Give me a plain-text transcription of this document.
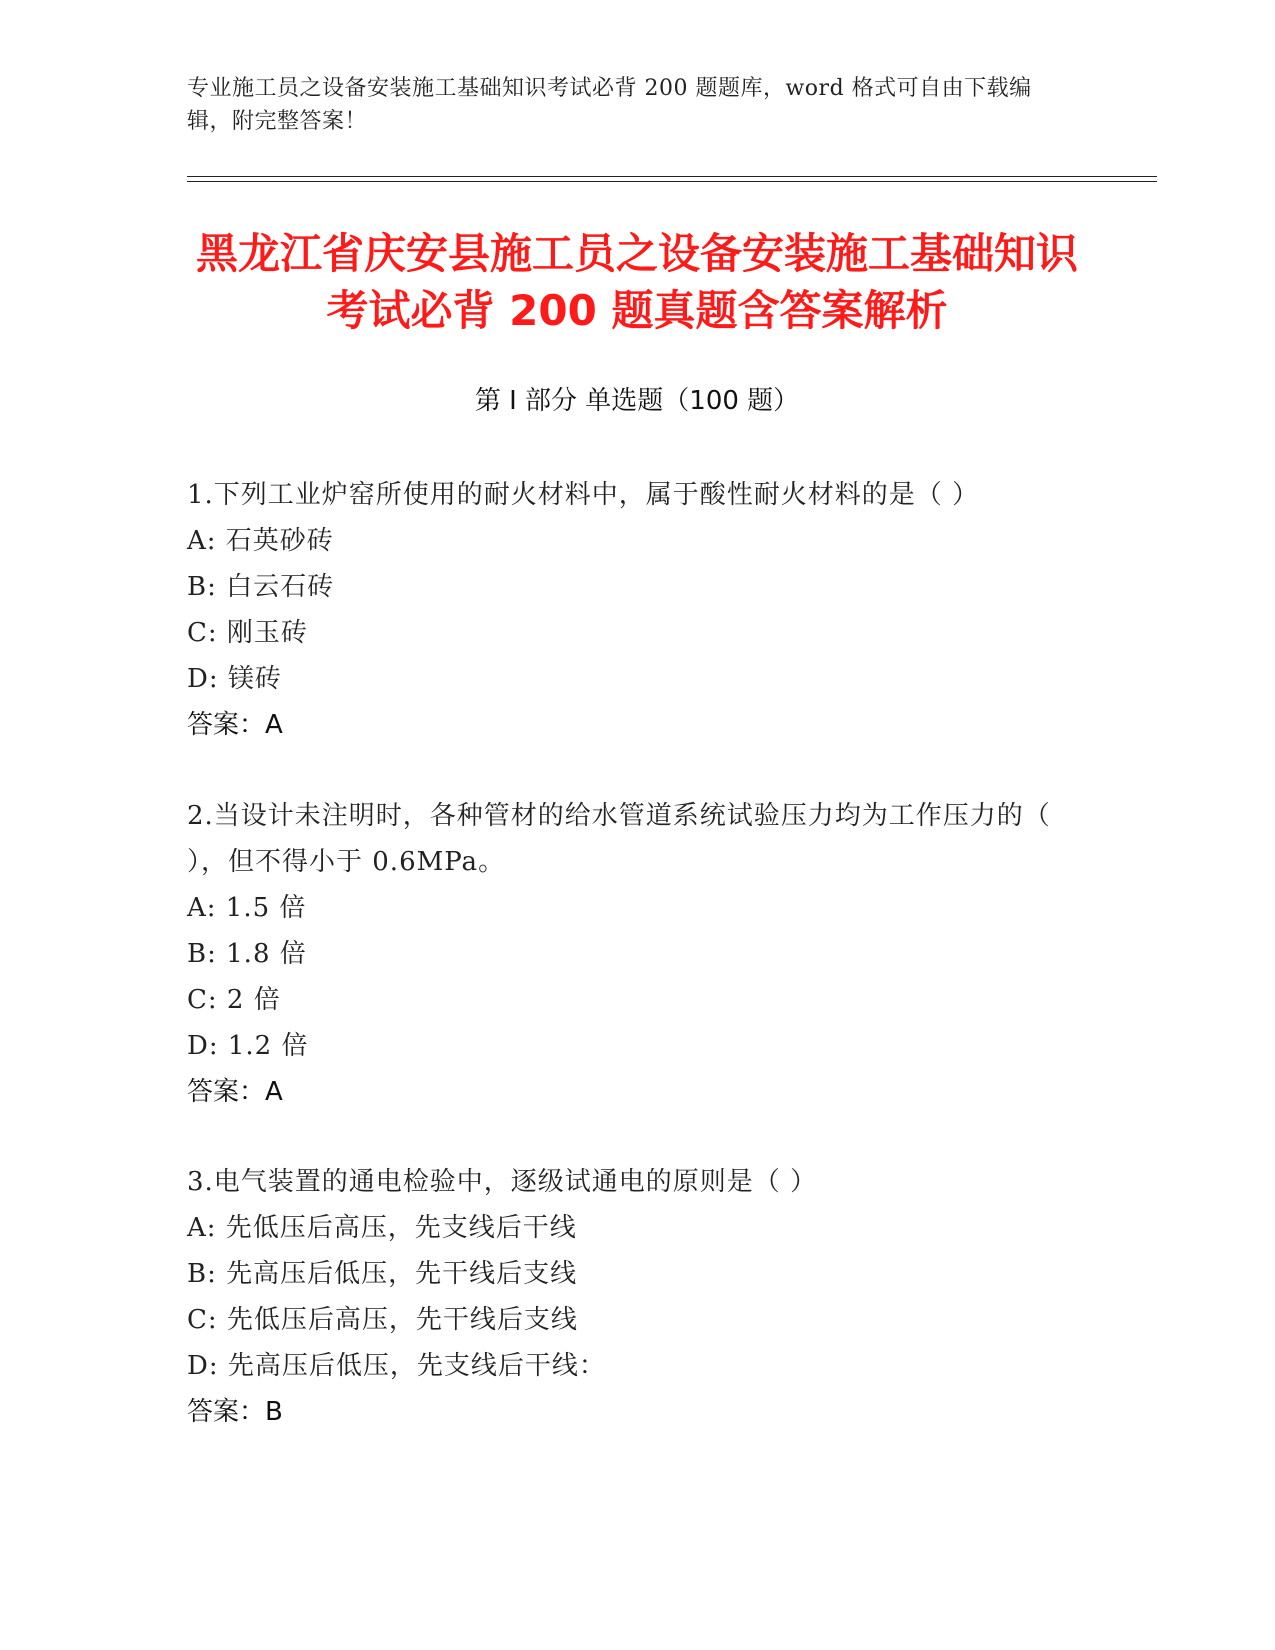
专业施工员之设备安装施工基础知识考试必背 200 题题库，word 格式可自由下载编辑，附完整答案！
黑龙江省庆安县施工员之设备安装施工基础知识考试必背 200 题真题含答案解析
第 I 部分 单选题（100 题）
1.下列工业炉窑所使用的耐火材料中，属于酸性耐火材料的是（ ）
A: 石英砂砖
B: 白云石砖
C: 刚玉砖
D: 镁砖
答案：A
2.当设计未注明时，各种管材的给水管道系统试验压力均为工作压力的（ ），但不得小于 0.6MPa。
A: 1.5 倍
B: 1.8 倍
C: 2 倍
D: 1.2 倍
答案：A
3.电气装置的通电检验中，逐级试通电的原则是（ ）
A: 先低压后高压，先支线后干线
B: 先高压后低压，先干线后支线
C: 先低压后高压，先干线后支线
D: 先高压后低压，先支线后干线：
答案：B
